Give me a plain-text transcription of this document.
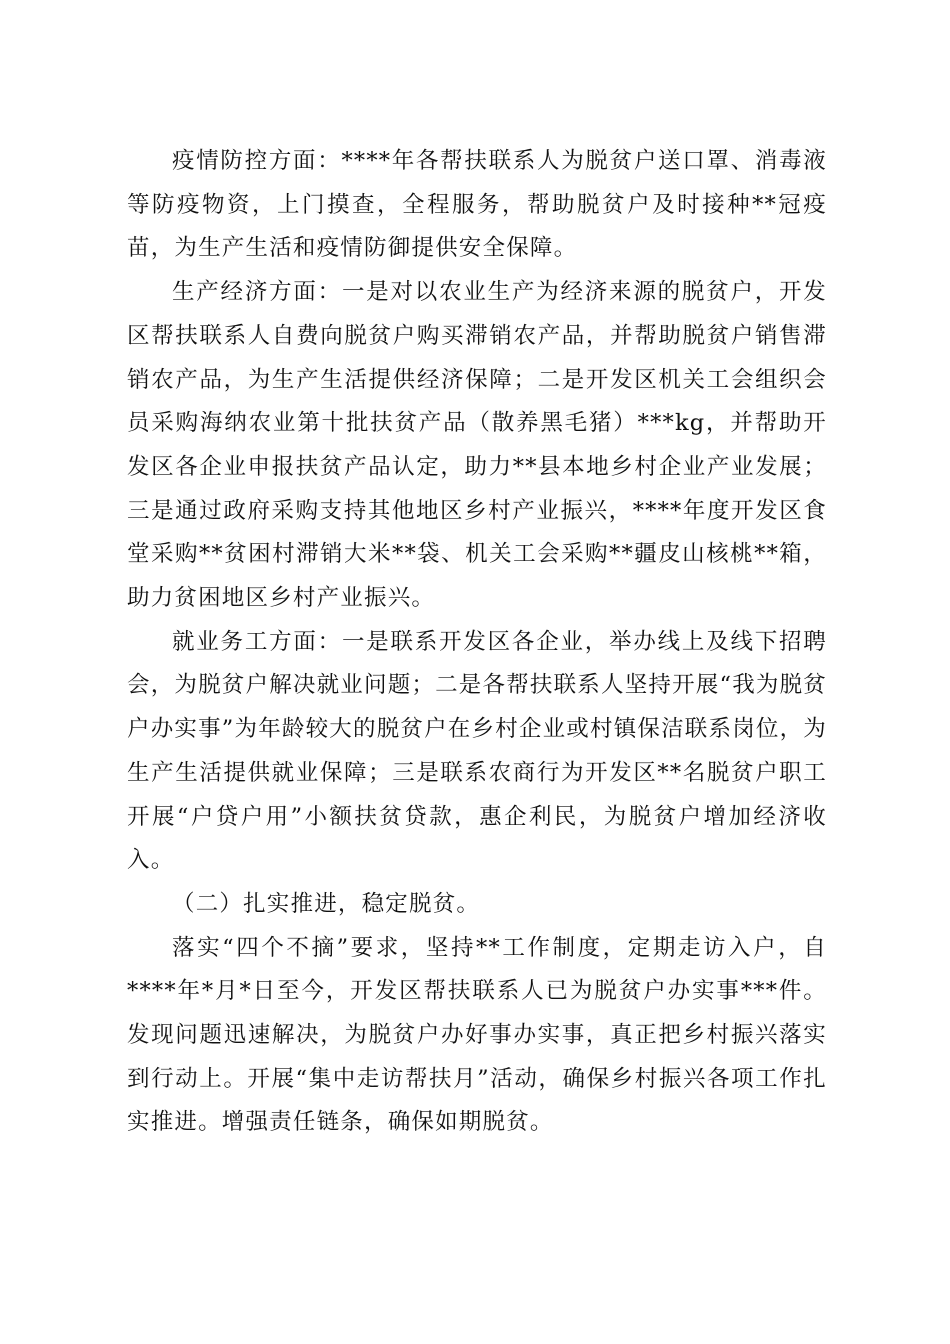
疫情防控方面：****年各帮扶联系人为脱贫户送口罩、消毒液等防疫物资，上门摸查，全程服务，帮助脱贫户及时接种**冠疫苗，为生产生活和疫情防御提供安全保障。

生产经济方面：一是对以农业生产为经济来源的脱贫户，开发区帮扶联系人自费向脱贫户购买滞销农产品，并帮助脱贫户销售滞销农产品，为生产生活提供经济保障；二是开发区机关工会组织会员采购海纳农业第十批扶贫产品（散养黑毛猪）***kg，并帮助开发区各企业申报扶贫产品认定，助力**县本地乡村企业产业发展；三是通过政府采购支持其他地区乡村产业振兴，****年度开发区食堂采购**贫困村滞销大米**袋、机关工会采购**疆皮山核桃**箱，助力贫困地区乡村产业振兴。

就业务工方面：一是联系开发区各企业，举办线上及线下招聘会，为脱贫户解决就业问题；二是各帮扶联系人坚持开展“我为脱贫户办实事”为年龄较大的脱贫户在乡村企业或村镇保洁联系岗位，为生产生活提供就业保障；三是联系农商行为开发区**名脱贫户职工开展“户贷户用”小额扶贫贷款，惠企利民，为脱贫户增加经济收入。

（二）扎实推进，稳定脱贫。

落实“四个不摘”要求，坚持**工作制度，定期走访入户，自****年*月*日至今，开发区帮扶联系人已为脱贫户办实事***件。发现问题迅速解决，为脱贫户办好事办实事，真正把乡村振兴落实到行动上。开展“集中走访帮扶月”活动，确保乡村振兴各项工作扎实推进。增强责任链条，确保如期脱贫。
